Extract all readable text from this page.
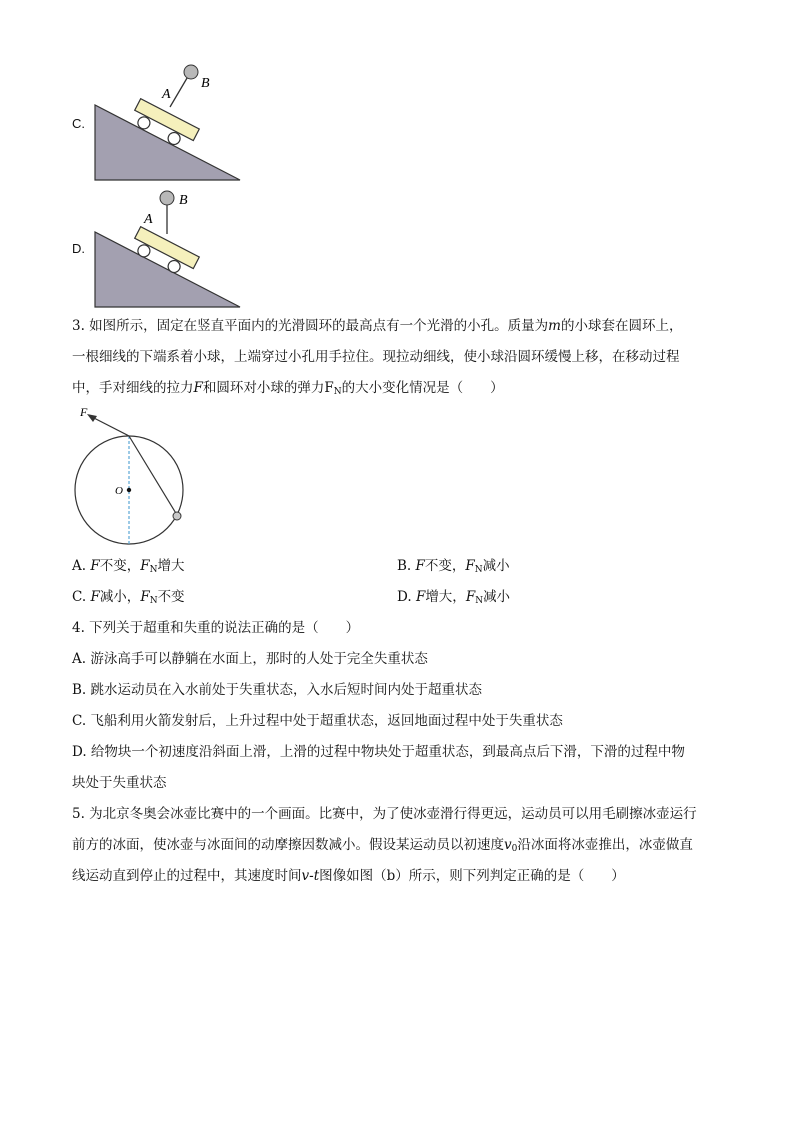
C.
A
B
D.
A
B
3. 如图所示，固定在竖直平面内的光滑圆环的最高点有一个光滑的小孔。质量为m的小球套在圆环上，
一根细线的下端系着小球，上端穿过小孔用手拉住。现拉动细线，使小球沿圆环缓慢上移，在移动过程
中，手对细线的拉力F和圆环对小球的弹力$F_N$的大小变化情况是（　　）
F
O
A. F不变，$F_N$增大	B. F不变，$F_N$减小
C. F减小，$F_N$不变	D. F增大，$F_N$减小
4. 下列关于超重和失重的说法正确的是（　　）
A. 游泳高手可以静躺在水面上，那时的人处于完全失重状态
B. 跳水运动员在入水前处于失重状态，入水后短时间内处于超重状态
C. 飞船利用火箭发射后，上升过程中处于超重状态，返回地面过程中处于失重状态
D. 给物块一个初速度沿斜面上滑，上滑的过程中物块处于超重状态，到最高点后下滑，下滑的过程中物
块处于失重状态
5. 为北京冬奥会冰壶比赛中的一个画面。比赛中，为了使冰壶滑行得更远，运动员可以用毛刷擦冰壶运行
前方的冰面，使冰壶与冰面间的动摩擦因数减小。假设某运动员以初速度$v_0$沿冰面将冰壶推出，冰壶做直
线运动直到停止的过程中，其速度时间v-t图像如图（b）所示，则下列判定正确的是（　　）
